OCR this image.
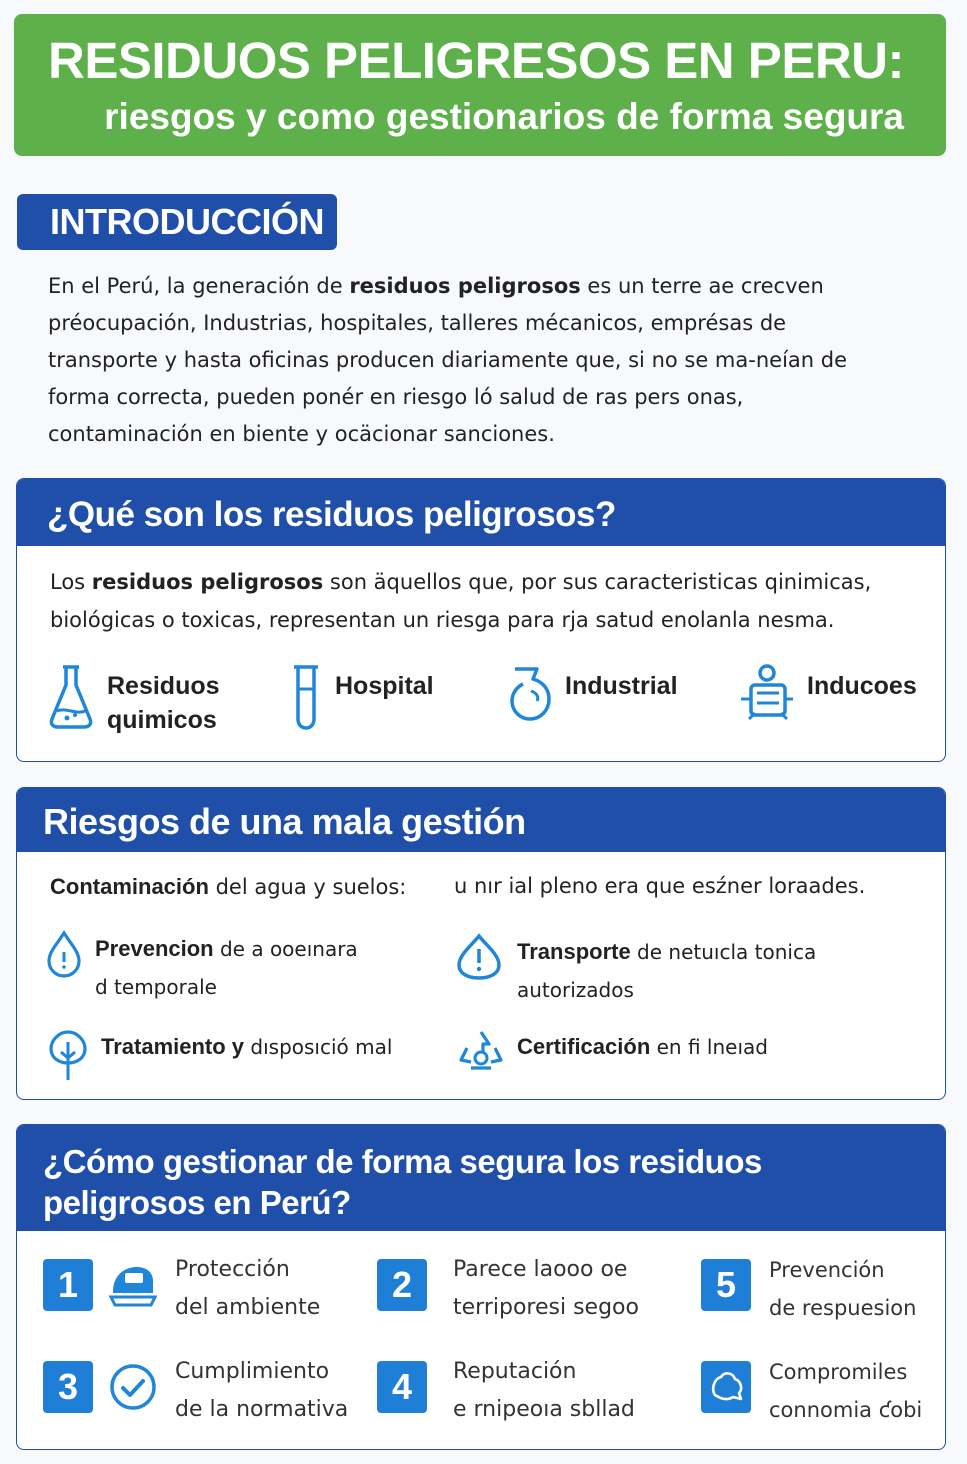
RESIDUOS PELIGRESOS EN PERU:
riesgos y como gestionarios de forma segura
INTRODUCCIÓN

En el Perú, la generación de residuos peligrosos es un terre ae crecven préocupación, Industrias, hospitales, talleres mécanicos, emprésas de transporte y hasta oficinas producen diariamente que, si no se ma-neían de forma correcta, pueden ponér en riesgo ló salud de ras pers onas, contaminación en biente y ocäcionar sanciones.

¿Qué son los residuos peligrosos?

Los residuos peligrosos son äquellos que, por sus caracteristicas qinimicas, biológicas o toxicas, representan un riesga para rja satud enolanla nesma.

Residuos quimicos
Hospital	Industrial	Inducoes
Riesgos de una mala gestión
Contaminación del agua y suelos: u nır ial plenо era que esźner loraades.
Prevencion de a ooeınara
d temporale
Transporte de netuıcla tonica
autorizados
Tratamiento y dısposıció mal	Certificación en fi lneıad
¿Cómo gestionar de forma segura los residuos peligrosos en Perú?
1	Protección
del ambiente
2	Parece laooo oe
terriporesi segoo
5	Prevención
de respuesion
3	Cumplimiento
de la normativa
4	Reputación
e rnipeoıa sbllad
Compromiles
connomia ƈobi
